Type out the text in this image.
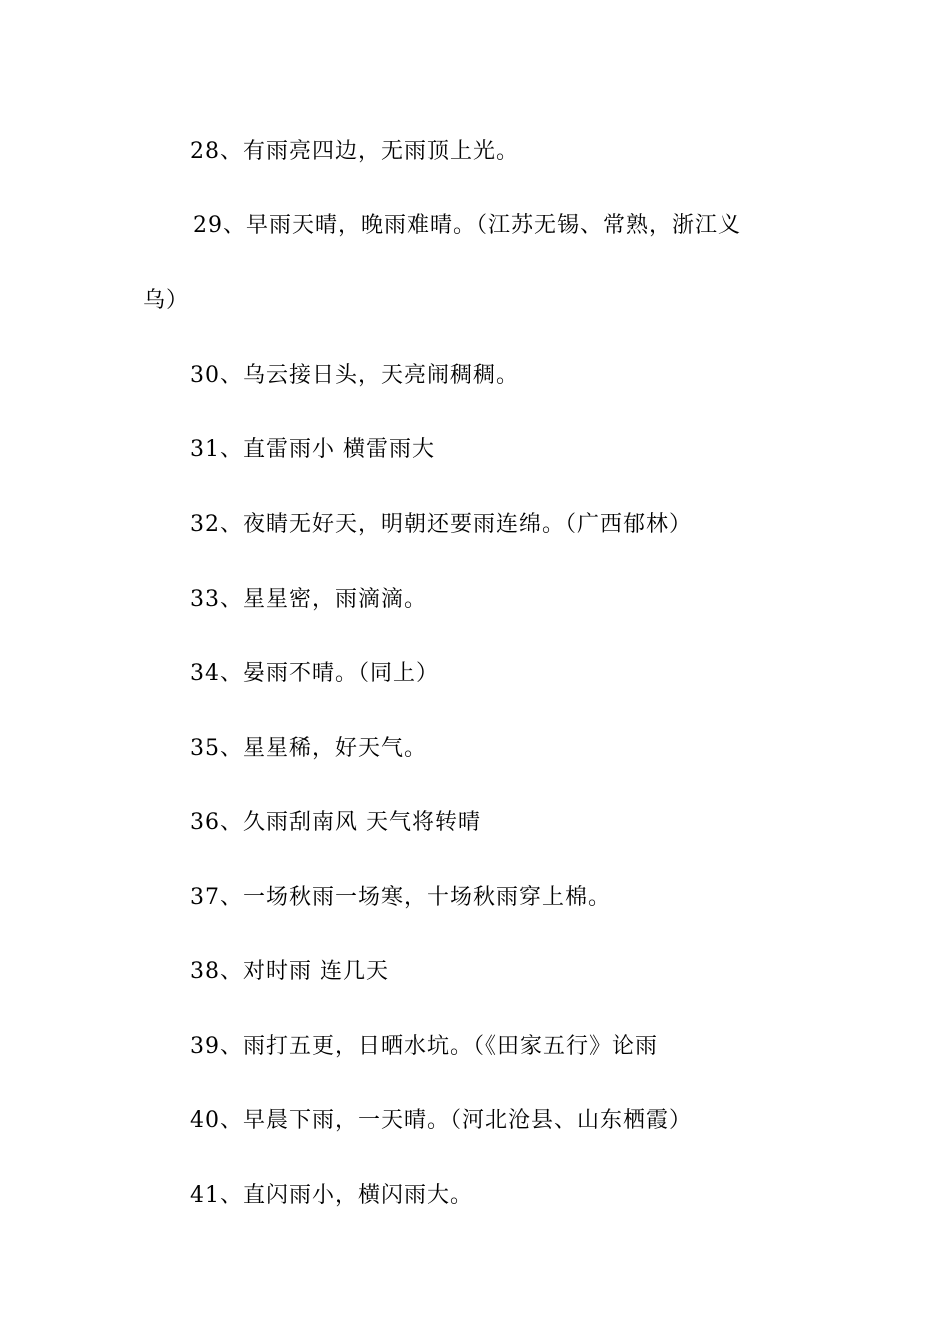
28、有雨亮四边，无雨顶上光。
29、早雨天晴，晚雨难晴。（江苏无锡、常熟，浙江义
乌）
30、乌云接日头，天亮闹稠稠。
31、直雷雨小 横雷雨大
32、夜睛无好天，明朝还要雨连绵。（广西郁林）
33、星星密，雨滴滴。
34、晏雨不晴。（同上）
35、星星稀，好天气。
36、久雨刮南风 天气将转晴
37、一场秋雨一场寒，十场秋雨穿上棉。
38、对时雨 连几天
39、雨打五更，日晒水坑。（《田家五行》论雨
40、早晨下雨，一天晴。（河北沧县、山东栖霞）
41、直闪雨小，横闪雨大。
